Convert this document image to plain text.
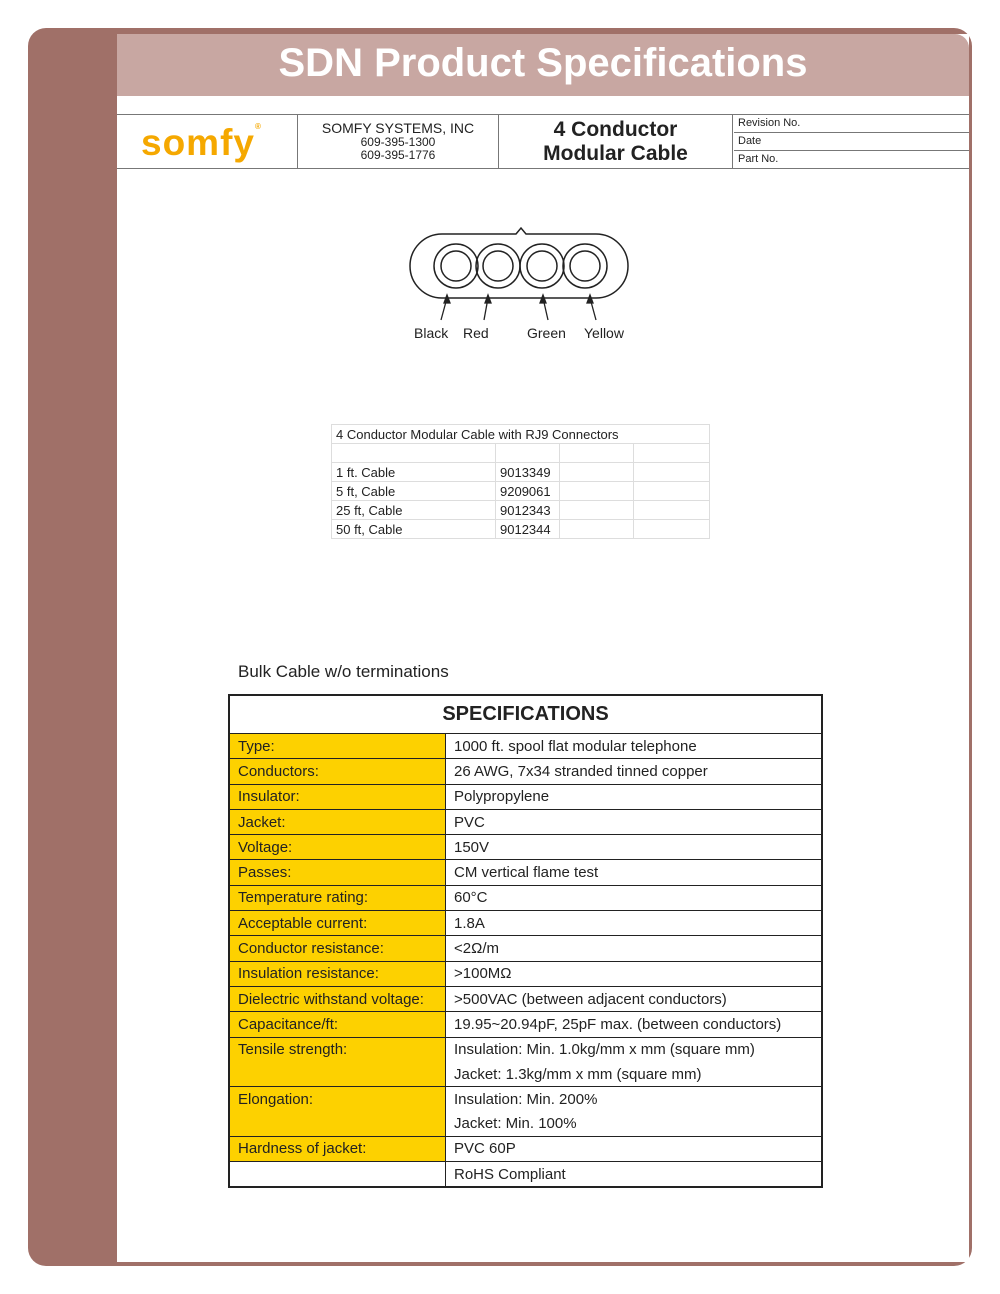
SDN Product Specifications
somfy®	SOMFY SYSTEMS, INC
609-395-1300
609-395-1776
4 Conductor
Modular Cable
Revision No.
Date
Part No.
Black Red	Green Yellow
4 Conductor Modular Cable with RJ9 Connectors			

1 ft. Cable	9013349		
5 ft, Cable	9209061		
25 ft, Cable	9012343		
50 ft, Cable	9012344		
Bulk Cable w/o terminations
SPECIFICATIONS	
Type:	1000 ft. spool flat modular telephone
Conductors:	26 AWG, 7x34 stranded tinned copper
Insulator:	Polypropylene
Jacket:	PVC
Voltage:	150V
Passes:	CM vertical flame test
Temperature rating:	60°C
Acceptable current:	1.8A
Conductor resistance:	<2Ω/m
Insulation resistance:	>100MΩ
Dielectric withstand voltage:	>500VAC (between adjacent conductors)
Capacitance/ft:	19.95~20.94pF, 25pF max. (between conductors)
Tensile strength:	Insulation: Min. 1.0kg/mm x mm (square mm)
	Jacket: 1.3kg/mm x mm (square mm)
Elongation:	Insulation: Min. 200%
	Jacket: Min. 100%
Hardness of jacket:	PVC 60P
	RoHS Compliant
